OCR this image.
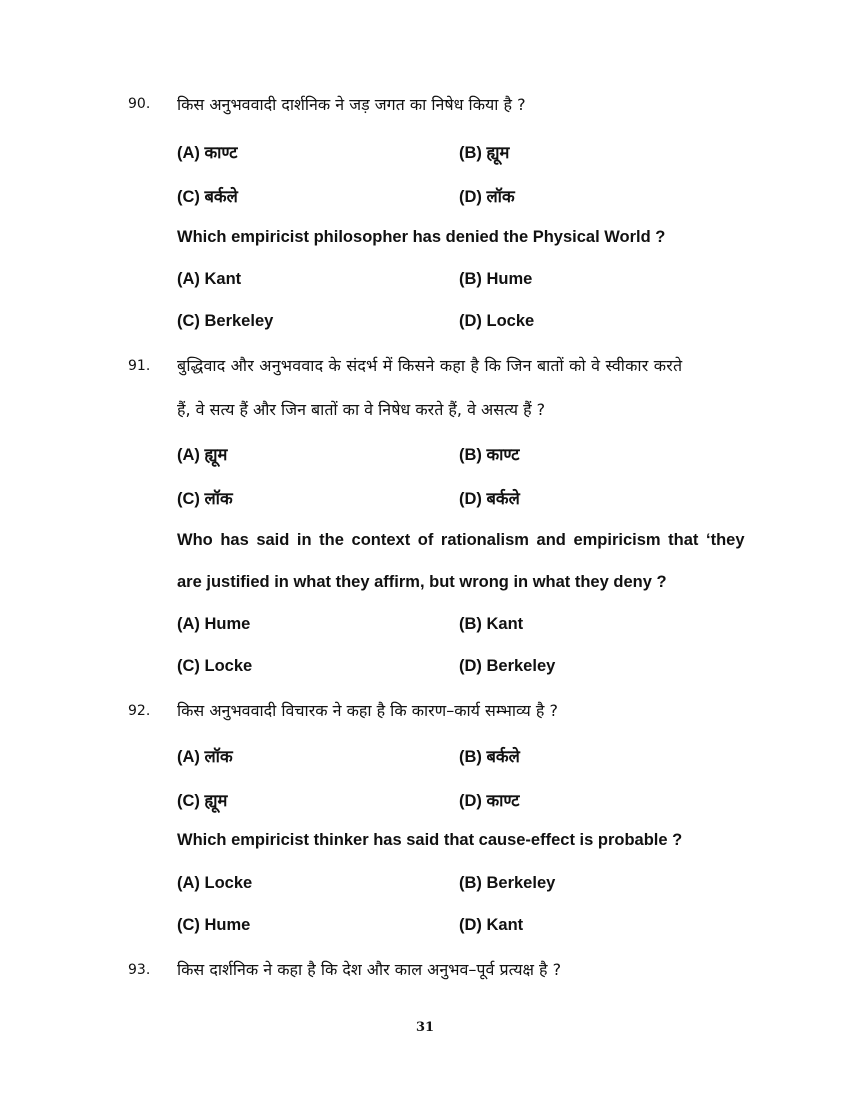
90. किस अनुभववादी दार्शनिक ने जड़ जगत का निषेध किया है ?
(A) काण्ट	(B) ह्यूम
(C) बर्कले	(D) लॉक
Which empiricist philosopher has denied the Physical World ?
(A) Kant	(B) Hume
(C) Berkeley	(D) Locke
91. बुद्धिवाद और अनुभववाद के संदर्भ में किसने कहा है कि जिन बातों को वे स्वीकार करते
हैं, वे सत्य हैं और जिन बातों का वे निषेध करते हैं, वे असत्य हैं ?
(A) ह्यूम	(B) काण्ट
(C) लॉक	(D) बर्कले
Who has said in the context of rationalism and empiricism that ‘they
are justified in what they affirm, but wrong in what they deny ?
(A) Hume	(B) Kant
(C) Locke	(D) Berkeley
92. किस अनुभववादी विचारक ने कहा है कि कारण–कार्य सम्भाव्य है ?
(A) लॉक	(B) बर्कले
(C) ह्यूम	(D) काण्ट
Which empiricist thinker has said that cause-effect is probable ?
(A) Locke	(B) Berkeley
(C) Hume	(D) Kant
93. किस दार्शनिक ने कहा है कि देश और काल अनुभव–पूर्व प्रत्यक्ष है ?
31
